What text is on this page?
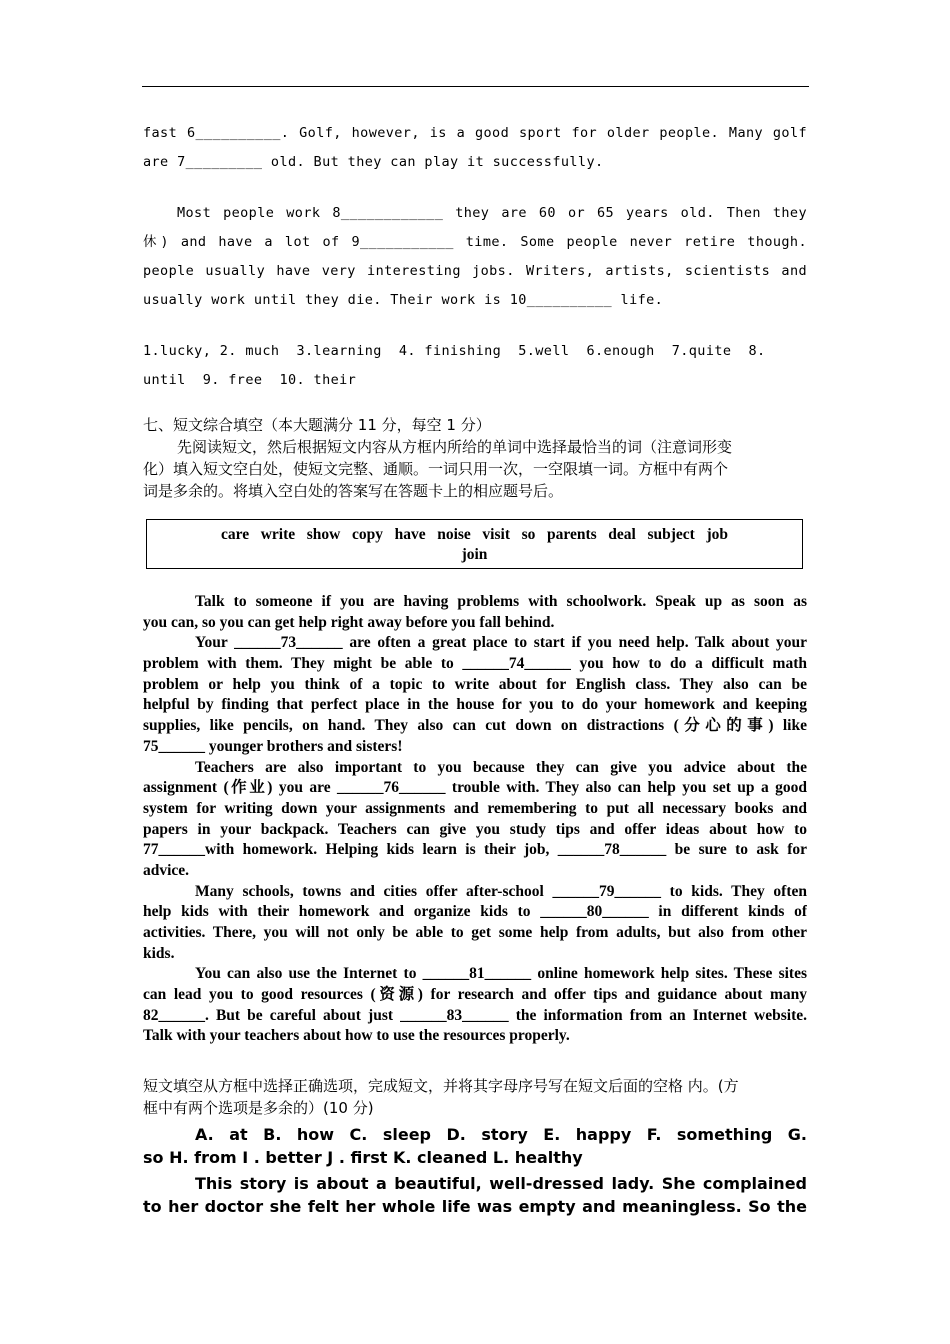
fast 6__________. Golf, however, is a good sport for older people. Many golf
are 7_________ old. But they can play it successfully.
Most people work 8____________ they are 60 or 65 years old. Then they
休) and have a lot of 9___________ time. Some people never retire though.
people usually have very interesting jobs. Writers, artists, scientists and
usually work until they die. Their work is 10__________ life.
1.lucky, 2. much  3.learning  4. finishing  5.well  6.enough  7.quite  8.
until  9. free  10. their
七、短文综合填空（本大题满分 11 分，每空 1 分）
先阅读短文，然后根据短文内容从方框内所给的单词中选择最恰当的词（注意词形变
化）填入短文空白处，使短文完整、通顺。一词只用一次，一空限填一词。方框中有两个
词是多余的。将填入空白处的答案写在答题卡上的相应题号后。
care   write   show   copy   have   noise   visit   so   parents   deal   subject   job
join
Talk to someone if you are having problems with schoolwork. Speak up as soon as
you can, so you can get help right away before you fall behind.
Your ______73______ are often a great place to start if you need help. Talk about your
problem with them. They might be able to ______74______ you how to do a difficult math
problem or help you think of a topic to write about for English class. They also can be
helpful by finding that perfect place in the house for you to do your homework and keeping
supplies, like pencils, on hand. They also can cut down on distractions (分心的事) like
75______ younger brothers and sisters!
Teachers are also important to you because they can give you advice about the
assignment (作业) you are ______76______ trouble with. They also can help you set up a good
system for writing down your assignments and remembering to put all necessary books and
papers in your backpack. Teachers can give you study tips and offer ideas about how to
77______with homework. Helping kids learn is their job, ______78______ be sure to ask for
advice.
Many schools, towns and cities offer after-school ______79______ to kids. They often
help kids with their homework and organize kids to ______80______ in different kinds of
activities. There, you will not only be able to get some help from adults, but also from other
kids.
You can also use the Internet to ______81______ online homework help sites. These sites
can lead you to good resources (资源) for research and offer tips and guidance about many
82______. But be careful about just ______83______ the information from an Internet website.
Talk with your teachers about how to use the resources properly.
短文填空从方框中选择正确选项，完成短文，并将其字母序号写在短文后面的空格 内。(方
框中有两个选项是多余的）(10 分)
A. at B. how C. sleep D. story E. happy F. something G.
so H. from I . better J . first K. cleaned L. healthy
This story is about a beautiful, well-dressed lady. She complained
to her doctor she felt her whole life was empty and meaningless. So the
